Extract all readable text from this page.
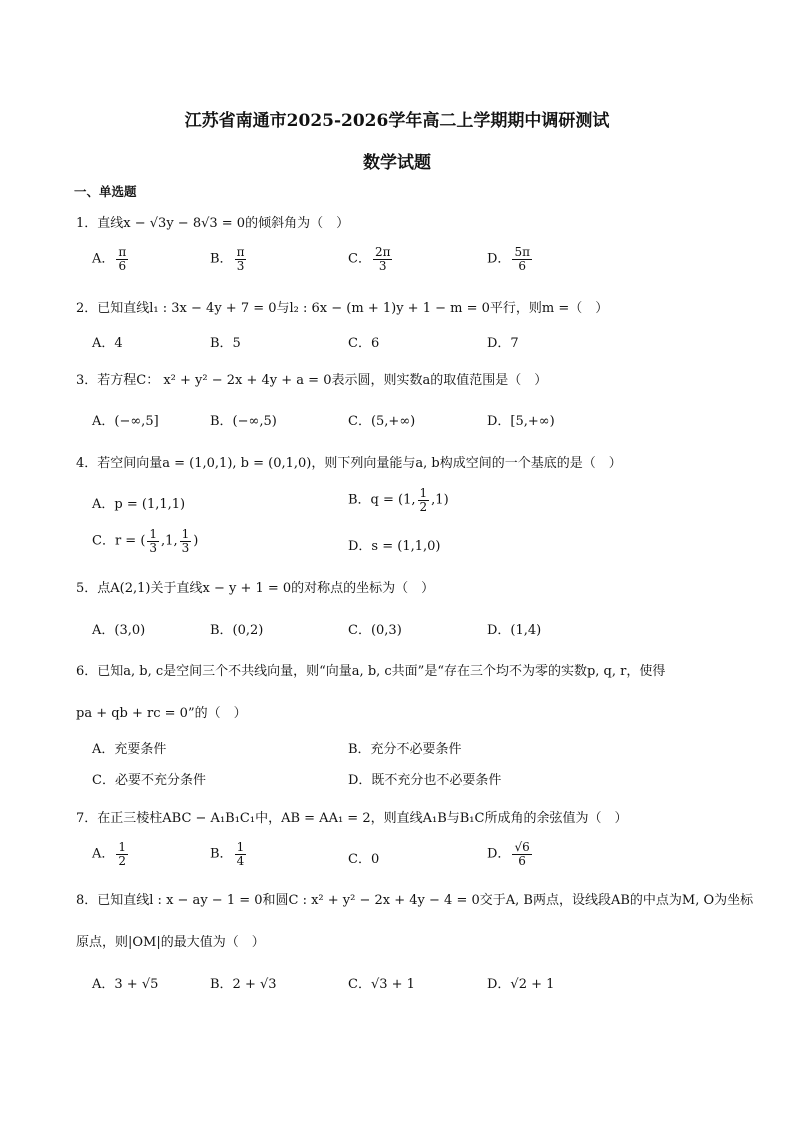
江苏省南通市2025-2026学年高二上学期期中调研测试
数学试题
一、单选题
1．直线x − √3y − 8√3 = 0的倾斜角为（　）
A． $\frac{\pi}{6}$	B． $\frac{\pi}{3}$	C． $\frac{2\pi}{3}$	D． $\frac{5\pi}{6}$
2．已知直线l₁ : 3x − 4y + 7 = 0与l₂ : 6x − (m + 1)y + 1 − m = 0平行，则m =（　）
A．4	B．5	C．6	D．7
3．若方程C： x² + y² − 2x + 4y + a = 0表示圆，则实数a的取值范围是（　）
A．(−∞,5]	B．(−∞,5)	C．(5,+∞)	D．[5,+∞)
4．若空间向量a = (1,0,1), b = (0,1,0)，则下列向量能与a, b构成空间的一个基底的是（　）
A．p = (1,1,1)	B．q = (1, $\frac{1}{2} ,1$)
C．r = ( $\frac{1}{3} ,1$, $\frac{1}{3}$ )	D．s = (1,1,0)
5．点A(2,1)关于直线x − y + 1 = 0的对称点的坐标为（　）
A．(3,0)	B．(0,2)	C．(0,3)	D．(1,4)
6．已知a, b, c是空间三个不共线向量，则“向量a, b, c共面”是“存在三个均不为零的实数p, q, r，使得
pa + qb + rc = 0”的（　）
A．充要条件	B．充分不必要条件
C．必要不充分条件	D．既不充分也不必要条件
7．在正三棱柱ABC − A₁B₁C₁中，AB = AA₁ = 2，则直线A₁B与B₁C所成角的余弦值为（　）
A． $\frac{1}{2}$	B． $\frac{1}{4}$	C．0	D． $\frac{√6}{6}$
8．已知直线l : x − ay − 1 = 0和圆C : x² + y² − 2x + 4y − 4 = 0交于A, B两点，设线段AB的中点为M, O为坐标
原点，则|OM|的最大值为（　）
A．3 + √5	B．2 + √3	C．√3 + 1	D．√2 + 1
